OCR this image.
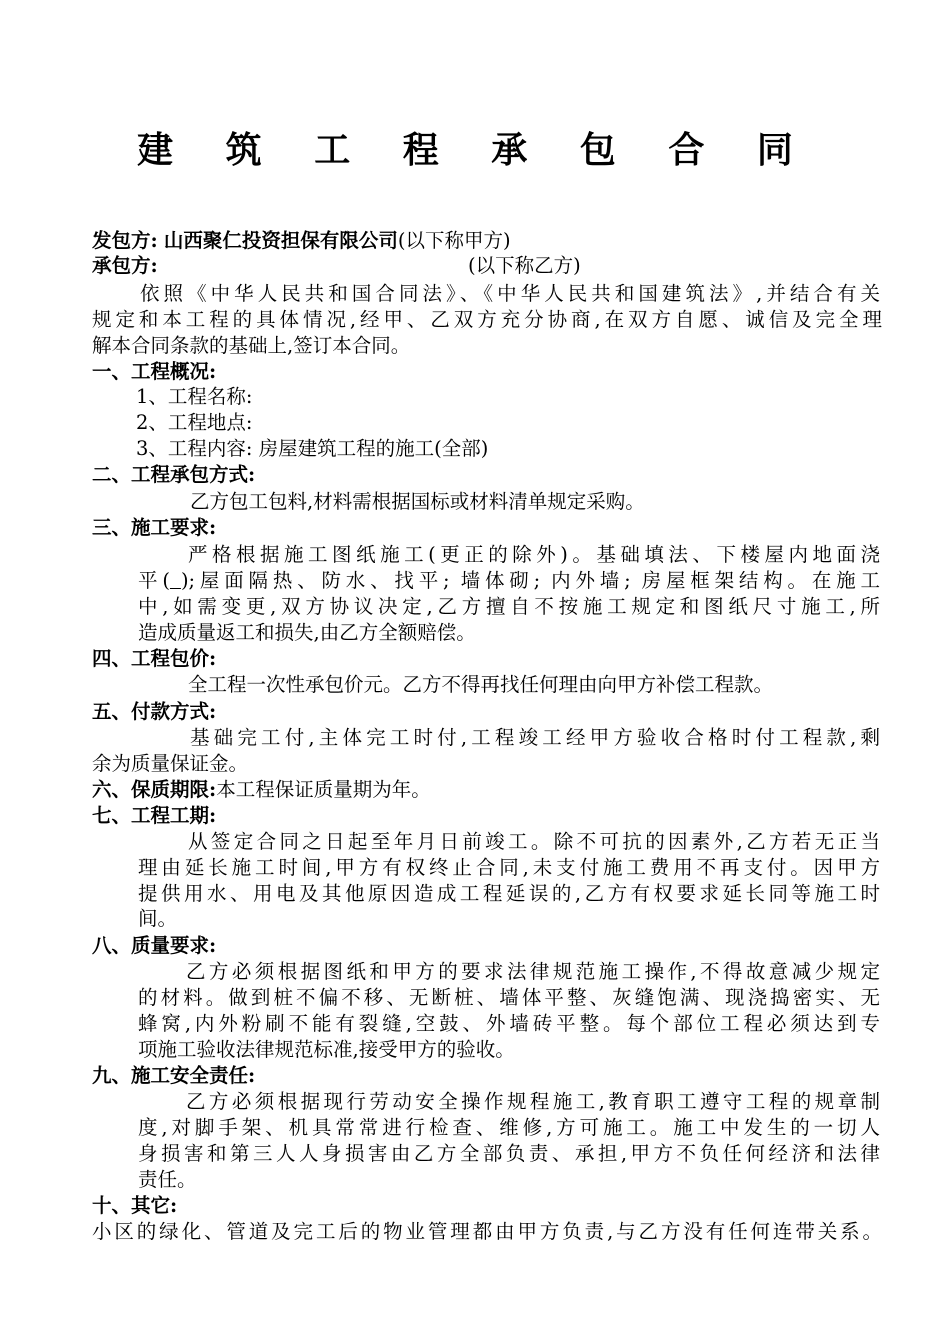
建 筑 工 程 承 包 合 同

发包方: 山西聚仁投资担保有限公司(以下称甲方)

承包方:	(以下称乙方)

依照《中华人民共和国合同法》、《中华人民共和国建筑法》,并结合有关

规定和本工程的具体情况,经甲、乙双方充分协商,在双方自愿、诚信及完全理

解本合同条款的基础上,签订本合同。

一、工程概况:

1、工程名称:

2、工程地点:

3、工程内容: 房屋建筑工程的施工(全部)

二、工程承包方式:

乙方包工包料,材料需根据国标或材料清单规定采购。

三、施工要求:

严格根据施工图纸施工(更正的除外)。基础填法、下楼屋内地面浇

平( );屋面隔热、防水、找平; 墙体砌; 内外墙; 房屋框架结构。在施工

中,如需变更,双方协议决定,乙方擅自不按施工规定和图纸尺寸施工,所

造成质量返工和损失,由乙方全额赔偿。

四、工程包价:

全工程一次性承包价元。乙方不得再找任何理由向甲方补偿工程款。

五、付款方式:

基础完工付,主体完工时付,工程竣工经甲方验收合格时付工程款,剩

余为质量保证金。

六、保质期限:本工程保证质量期为年。

七、工程工期:

从签定合同之日起至年月日前竣工。除不可抗的因素外,乙方若无正当

理由延长施工时间,甲方有权终止合同,未支付施工费用不再支付。因甲方

提供用水、用电及其他原因造成工程延误的,乙方有权要求延长同等施工时

间。

八、质量要求:

乙方必须根据图纸和甲方的要求法律规范施工操作,不得故意减少规定

的材料。做到桩不偏不移、无断桩、墙体平整、灰缝饱满、现浇捣密实、无

蜂窝,内外粉刷不能有裂缝,空鼓、外墙砖平整。每个部位工程必须达到专

项施工验收法律规范标准,接受甲方的验收。

九、施工安全责任:

乙方必须根据现行劳动安全操作规程施工,教育职工遵守工程的规章制

度,对脚手架、机具常常进行检查、维修,方可施工。施工中发生的一切人

身损害和第三人人身损害由乙方全部负责、承担,甲方不负任何经济和法律

责任。

十、其它:

小区的绿化、管道及完工后的物业管理都由甲方负责,与乙方没有任何连带关系。
